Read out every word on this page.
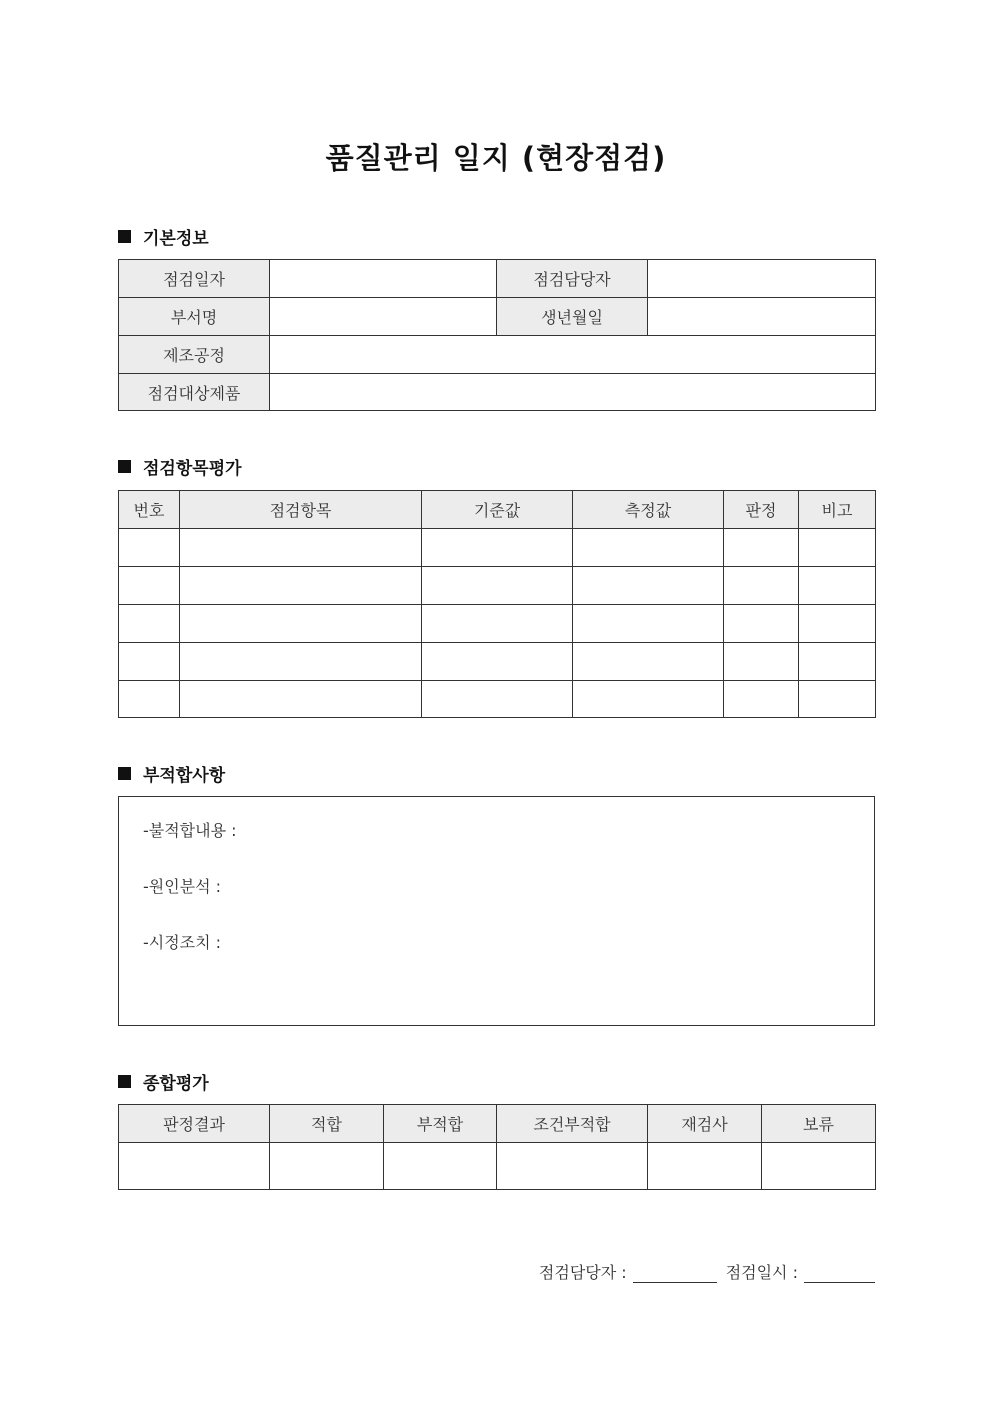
품질관리 일지 (현장점검)
기본정보
점검일자		점검담당자	
부서명		생년월일	
제조공정			
점검대상제품			
점검항목평가
번호	점검항목	기준값	측정값	판정	비고

부적합사항
-불적합내용 :
-원인분석 :
-시정조치 :
종합평가
판정결과	적합	부적합	조건부적합	재검사	보류

점검담당자 :	점검일시 :
